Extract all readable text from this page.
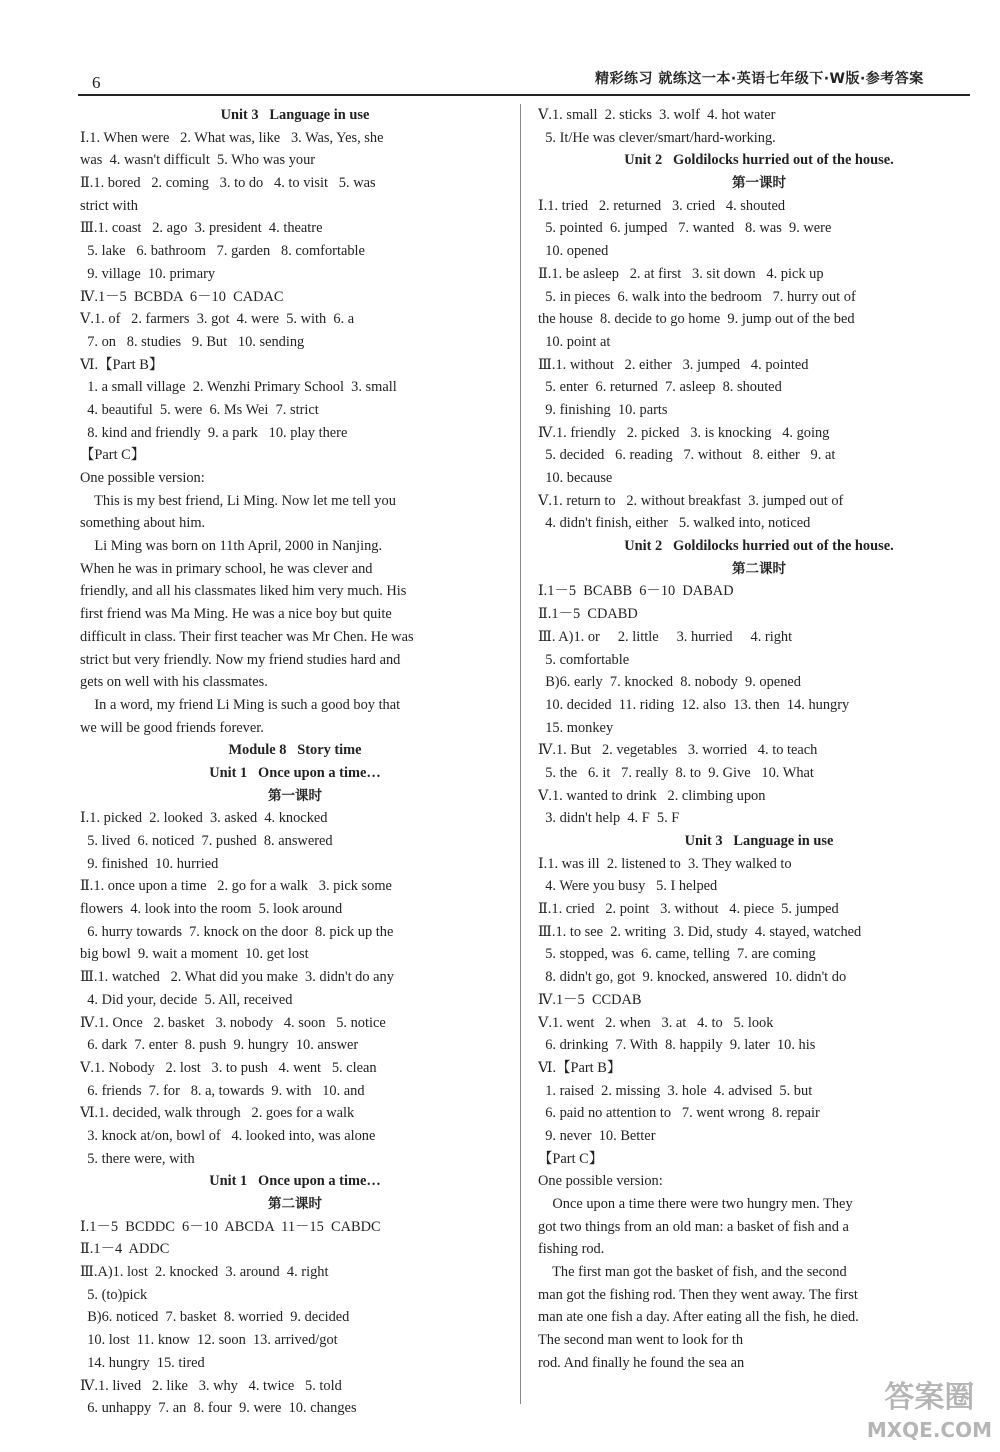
6	精彩练习 就练这一本·英语七年级下·W版·参考答案
Unit 3   Language in use
Ⅰ.1. When were   2. What was, like   3. Was, Yes, she
was  4. wasn't difficult  5. Who was your
Ⅱ.1. bored   2. coming   3. to do   4. to visit   5. was
strict with
Ⅲ.1. coast   2. ago  3. president  4. theatre
5. lake   6. bathroom   7. garden   8. comfortable
9. village  10. primary
Ⅳ.1－5  BCBDA  6－10  CADAC
Ⅴ.1. of   2. farmers  3. got  4. were  5. with  6. a
7. on   8. studies   9. But   10. sending
Ⅵ.【Part B】
1. a small village  2. Wenzhi Primary School  3. small
4. beautiful  5. were  6. Ms Wei  7. strict
8. kind and friendly  9. a park   10. play there
【Part C】
One possible version:
This is my best friend, Li Ming. Now let me tell you
something about him.
Li Ming was born on 11th April, 2000 in Nanjing.
When he was in primary school, he was clever and
friendly, and all his classmates liked him very much. His
first friend was Ma Ming. He was a nice boy but quite
difficult in class. Their first teacher was Mr Chen. He was
strict but very friendly. Now my friend studies hard and
gets on well with his classmates.
In a word, my friend Li Ming is such a good boy that
we will be good friends forever.
Module 8   Story time
Unit 1   Once upon a time…
第一课时
Ⅰ.1. picked  2. looked  3. asked  4. knocked
5. lived  6. noticed  7. pushed  8. answered
9. finished  10. hurried
Ⅱ.1. once upon a time   2. go for a walk   3. pick some
flowers  4. look into the room  5. look around
6. hurry towards  7. knock on the door  8. pick up the
big bowl  9. wait a moment  10. get lost
Ⅲ.1. watched   2. What did you make  3. didn't do any
4. Did your, decide  5. All, received
Ⅳ.1. Once   2. basket   3. nobody   4. soon   5. notice
6. dark  7. enter  8. push  9. hungry  10. answer
Ⅴ.1. Nobody   2. lost   3. to push   4. went   5. clean
6. friends  7. for   8. a, towards  9. with   10. and
Ⅵ.1. decided, walk through   2. goes for a walk
3. knock at/on, bowl of   4. looked into, was alone
5. there were, with
Unit 1   Once upon a time…
第二课时
Ⅰ.1－5  BCDDC  6－10  ABCDA  11－15  CABDC
Ⅱ.1－4  ADDC
Ⅲ.A)1. lost  2. knocked  3. around  4. right
5. (to)pick
B)6. noticed  7. basket  8. worried  9. decided
10. lost  11. know  12. soon  13. arrived/got
14. hungry  15. tired
Ⅳ.1. lived   2. like   3. why   4. twice   5. told
6. unhappy  7. an  8. four  9. were  10. changes
Ⅴ.1. small  2. sticks  3. wolf  4. hot water
5. It/He was clever/smart/hard-working.
Unit 2   Goldilocks hurried out of the house.
第一课时
Ⅰ.1. tried   2. returned   3. cried   4. shouted
5. pointed  6. jumped   7. wanted   8. was  9. were
10. opened
Ⅱ.1. be asleep   2. at first   3. sit down   4. pick up
5. in pieces  6. walk into the bedroom   7. hurry out of
the house  8. decide to go home  9. jump out of the bed
10. point at
Ⅲ.1. without   2. either   3. jumped   4. pointed
5. enter  6. returned  7. asleep  8. shouted
9. finishing  10. parts
Ⅳ.1. friendly   2. picked   3. is knocking   4. going
5. decided   6. reading   7. without   8. either   9. at
10. because
Ⅴ.1. return to   2. without breakfast  3. jumped out of
4. didn't finish, either   5. walked into, noticed
Unit 2   Goldilocks hurried out of the house.
第二课时
Ⅰ.1－5  BCABB  6－10  DABAD
Ⅱ.1－5  CDABD
Ⅲ. A)1. or     2. little     3. hurried     4. right
5. comfortable
B)6. early  7. knocked  8. nobody  9. opened
10. decided  11. riding  12. also  13. then  14. hungry
15. monkey
Ⅳ.1. But   2. vegetables   3. worried   4. to teach
5. the   6. it   7. really  8. to  9. Give   10. What
Ⅴ.1. wanted to drink   2. climbing upon
3. didn't help  4. F  5. F
Unit 3   Language in use
Ⅰ.1. was ill  2. listened to  3. They walked to
4. Were you busy   5. I helped
Ⅱ.1. cried   2. point   3. without   4. piece  5. jumped
Ⅲ.1. to see  2. writing  3. Did, study  4. stayed, watched
5. stopped, was  6. came, telling  7. are coming
8. didn't go, got  9. knocked, answered  10. didn't do
Ⅳ.1－5  CCDAB
Ⅴ.1. went   2. when   3. at   4. to   5. look
6. drinking  7. With  8. happily  9. later  10. his
Ⅵ.【Part B】
1. raised  2. missing  3. hole  4. advised  5. but
6. paid no attention to   7. went wrong  8. repair
9. never  10. Better
【Part C】
One possible version:
Once upon a time there were two hungry men. They
got two things from an old man: a basket of fish and a
fishing rod.
The first man got the basket of fish, and the second
man got the fishing rod. Then they went away. The first
man ate one fish a day. After eating all the fish, he died.
The second man went to look for th
rod. And finally he found the sea an
答案圈
MXQE.COM
